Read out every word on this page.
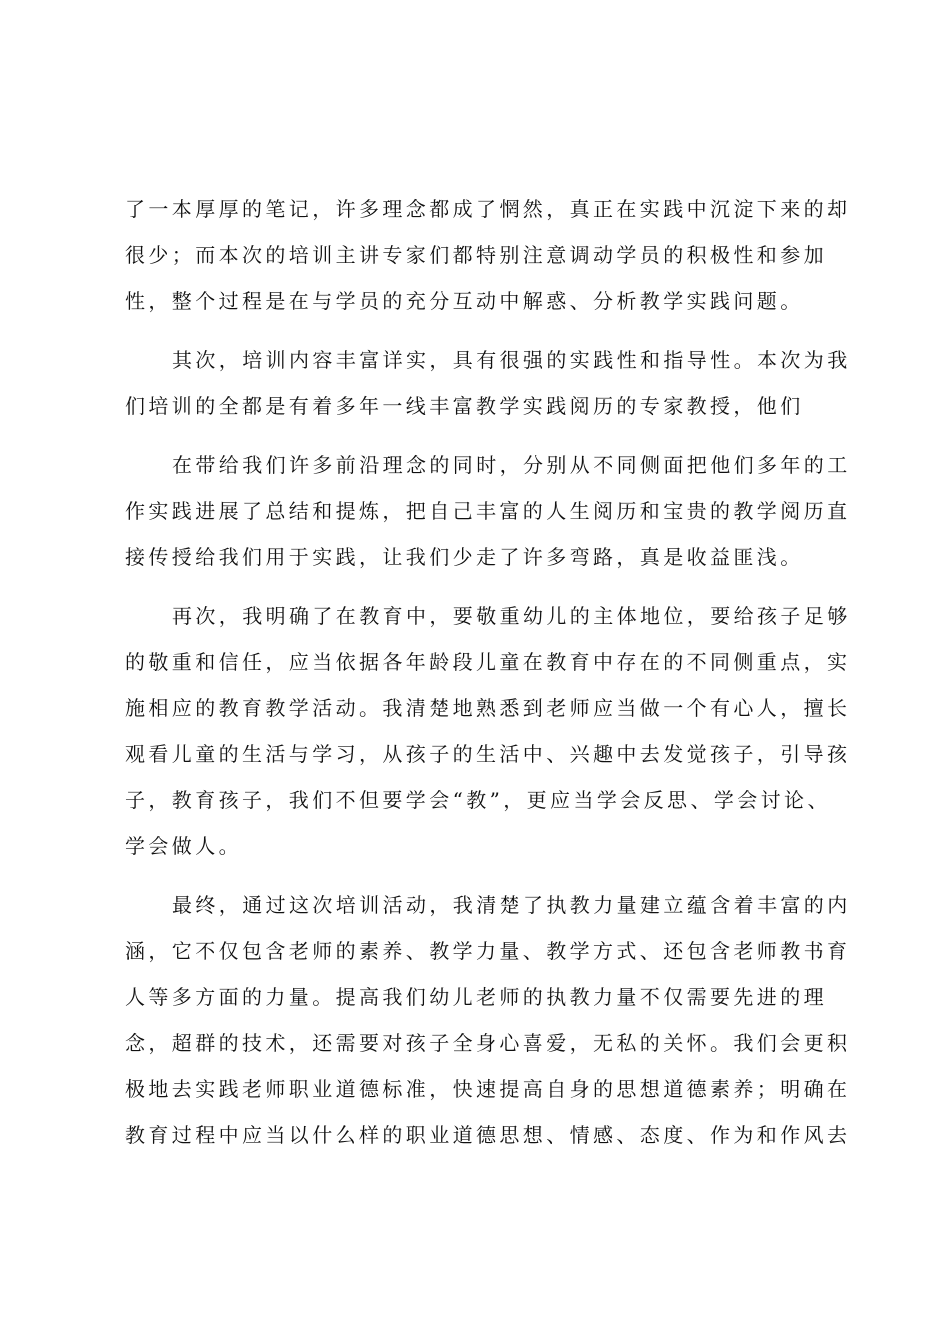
了一本厚厚的笔记，许多理念都成了惘然，真正在实践中沉淀下来的却
很少；而本次的培训主讲专家们都特别注意调动学员的积极性和参加
性，整个过程是在与学员的充分互动中解惑、分析教学实践问题。
其次，培训内容丰富详实，具有很强的实践性和指导性。本次为我
们培训的全都是有着多年一线丰富教学实践阅历的专家教授，他们
在带给我们许多前沿理念的同时，分别从不同侧面把他们多年的工
作实践进展了总结和提炼，把自己丰富的人生阅历和宝贵的教学阅历直
接传授给我们用于实践，让我们少走了许多弯路，真是收益匪浅。
再次，我明确了在教育中，要敬重幼儿的主体地位，要给孩子足够
的敬重和信任，应当依据各年龄段儿童在教育中存在的不同侧重点，实
施相应的教育教学活动。我清楚地熟悉到老师应当做一个有心人，擅长
观看儿童的生活与学习，从孩子的生活中、兴趣中去发觉孩子，引导孩
子，教育孩子，我们不但要学会“教”，更应当学会反思、学会讨论、
学会做人。
最终，通过这次培训活动，我清楚了执教力量建立蕴含着丰富的内
涵，它不仅包含老师的素养、教学力量、教学方式、还包含老师教书育
人等多方面的力量。提高我们幼儿老师的执教力量不仅需要先进的理
念，超群的技术，还需要对孩子全身心喜爱，无私的关怀。我们会更积
极地去实践老师职业道德标准，快速提高自身的思想道德素养；明确在
教育过程中应当以什么样的职业道德思想、情感、态度、作为和作风去
